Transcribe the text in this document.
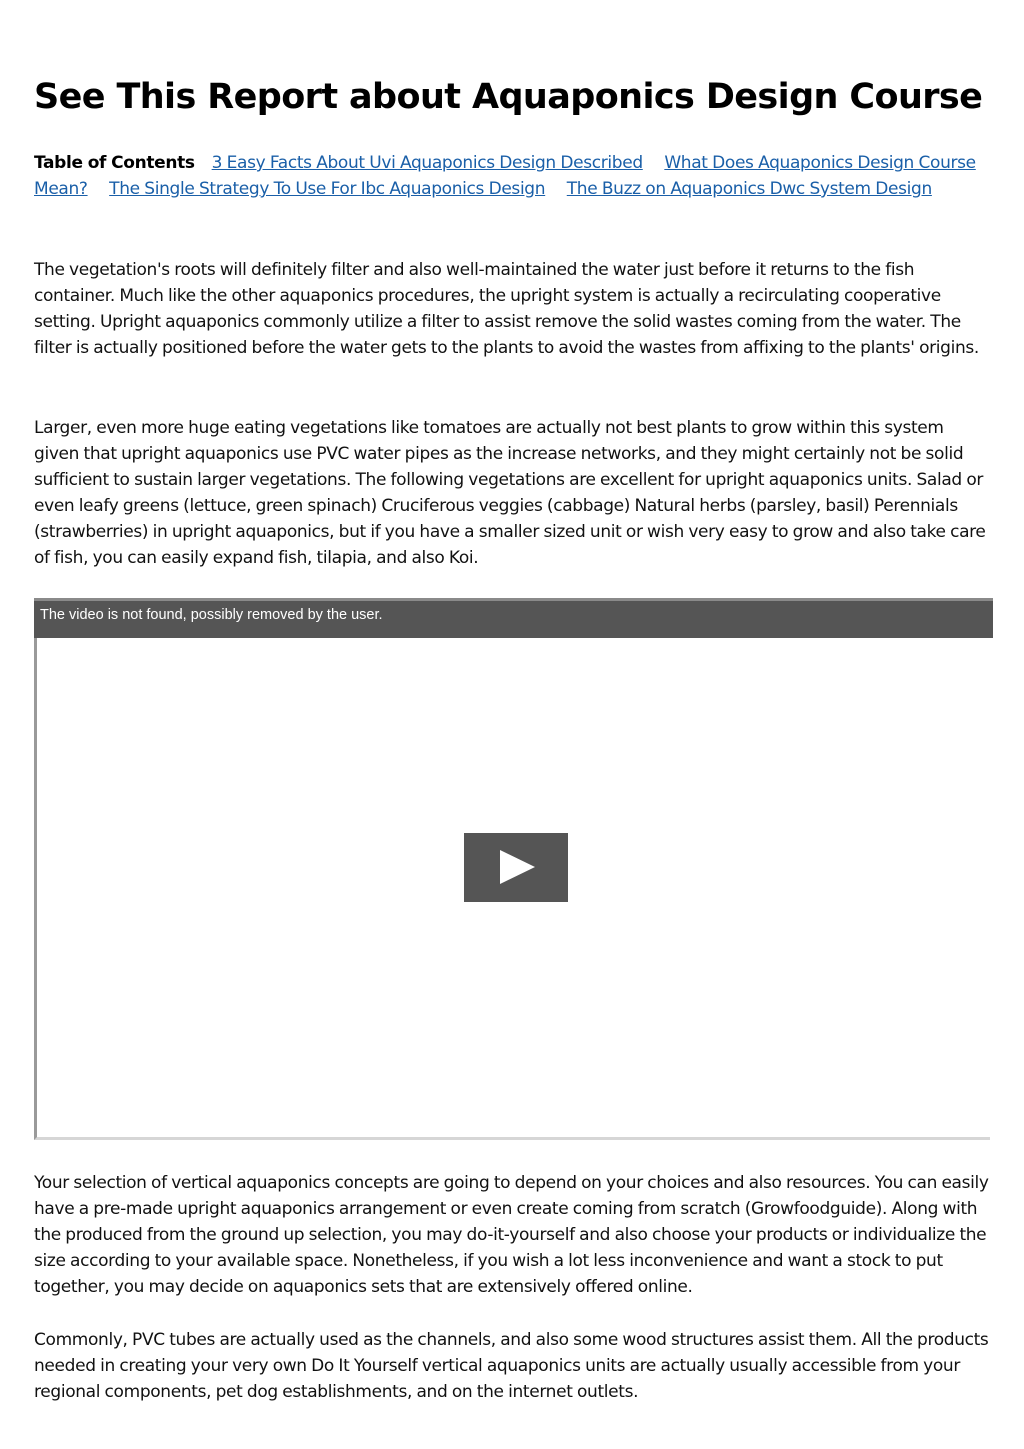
See This Report about Aquaponics Design Course
Table of Contents 3 Easy Facts About Uvi Aquaponics Design Described What Does Aquaponics Design Course Mean? The Single Strategy To Use For Ibc Aquaponics Design The Buzz on Aquaponics Dwc System Design

The vegetation's roots will definitely filter and also well-maintained the water just before it returns to the fish container. Much like the other aquaponics procedures, the upright system is actually a recirculating cooperative setting. Upright aquaponics commonly utilize a filter to assist remove the solid wastes coming from the water. The filter is actually positioned before the water gets to the plants to avoid the wastes from affixing to the plants' origins.

Larger, even more huge eating vegetations like tomatoes are actually not best plants to grow within this system given that upright aquaponics use PVC water pipes as the increase networks, and they might certainly not be solid sufficient to sustain larger vegetations. The following vegetations are excellent for upright aquaponics units. Salad or even leafy greens (lettuce, green spinach) Cruciferous veggies (cabbage) Natural herbs (parsley, basil) Perennials (strawberries) in upright aquaponics, but if you have a smaller sized unit or wish very easy to grow and also take care of fish, you can easily expand fish, tilapia, and also Koi.

Your selection of vertical aquaponics concepts are going to depend on your choices and also resources. You can easily have a pre-made upright aquaponics arrangement or even create coming from scratch (Growfoodguide). Along with the produced from the ground up selection, you may do-it-yourself and also choose your products or individualize the size according to your available space. Nonetheless, if you wish a lot less inconvenience and want a stock to put together, you may decide on aquaponics sets that are extensively offered online.

Commonly, PVC tubes are actually used as the channels, and also some wood structures assist them. All the products needed in creating your very own Do It Yourself vertical aquaponics units are actually usually accessible from your regional components, pet dog establishments, and on the internet outlets.

The video is not found, possibly removed by the user.
